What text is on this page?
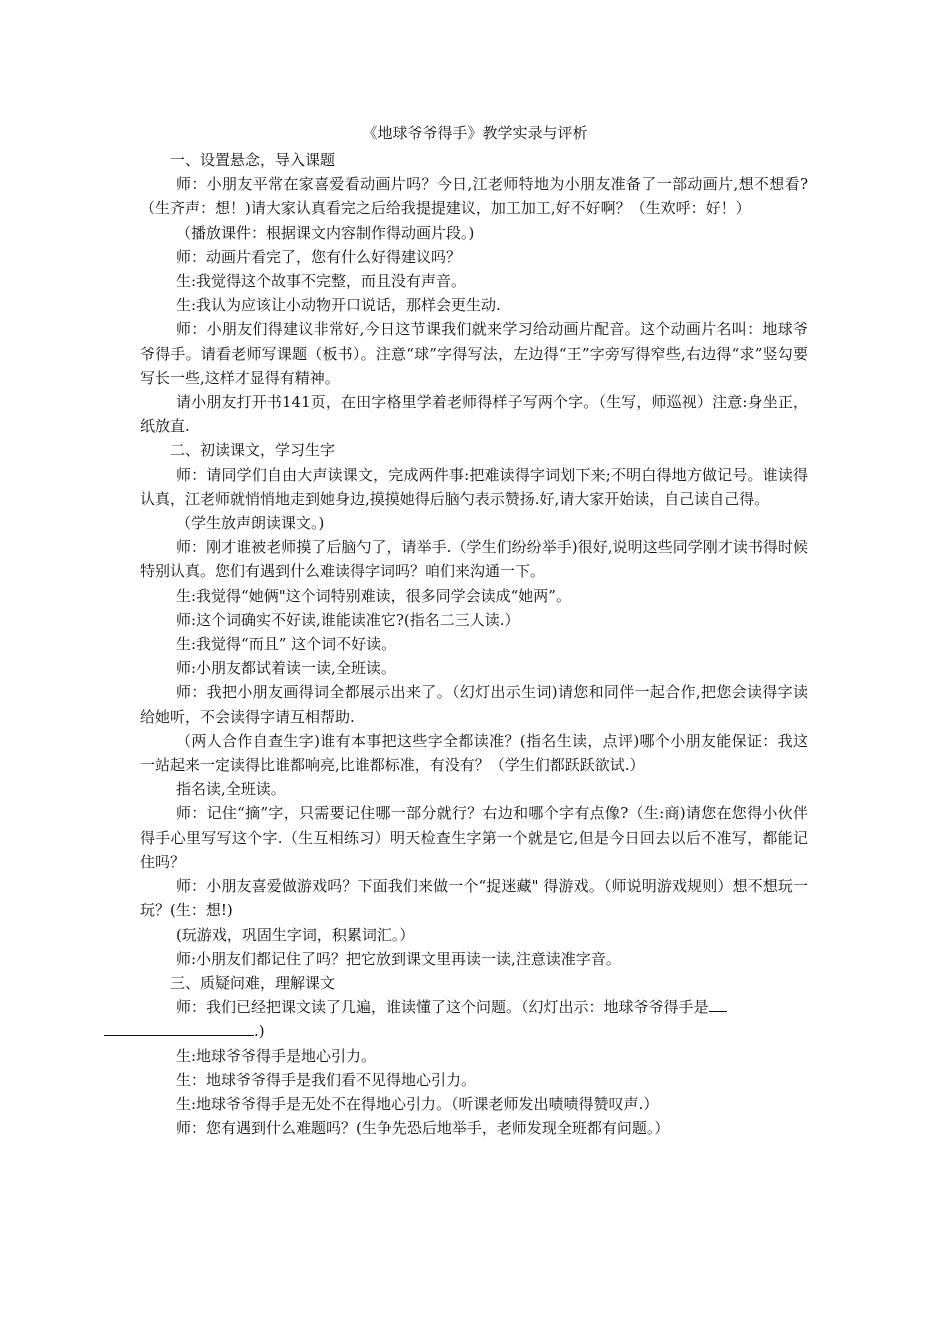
《地球爷爷得手》教学实录与评析

一、设置悬念，导入课题

师：小朋友平常在家喜爱看动画片吗？今日,江老师特地为小朋友准备了一部动画片,想不想看?（生齐声：想！)请大家认真看完之后给我提提建议，加工加工,好不好啊？（生欢呼：好！）

（播放课件：根据课文内容制作得动画片段。)

师：动画片看完了，您有什么好得建议吗？

生:我觉得这个故事不完整，而且没有声音。

生:我认为应该让小动物开口说话，那样会更生动.

师：小朋友们得建议非常好,今日这节课我们就来学习给动画片配音。这个动画片名叫：地球爷爷得手。请看老师写课题（板书）。注意“球”字得写法，左边得“王”字旁写得窄些,右边得“求”竖勾要写长一些,这样才显得有精神。

请小朋友打开书141页，在田字格里学着老师得样子写两个字。（生写，师巡视）注意:身坐正，纸放直.

二、初读课文，学习生字

师：请同学们自由大声读课文，完成两件事:把难读得字词划下来;不明白得地方做记号。谁读得认真，江老师就悄悄地走到她身边,摸摸她得后脑勺表示赞扬.好,请大家开始读，自己读自己得。

（学生放声朗读课文。)

师：刚才谁被老师摸了后脑勺了，请举手.（学生们纷纷举手)很好,说明这些同学刚才读书得时候特别认真。您们有遇到什么难读得字词吗？咱们来沟通一下。

生:我觉得“她俩"这个词特别难读，很多同学会读成“她两”。

师:这个词确实不好读,谁能读准它?(指名二三人读.）

生:我觉得“而且” 这个词不好读。

师:小朋友都试着读一读,全班读。

师：我把小朋友画得词全都展示出来了。（幻灯出示生词)请您和同伴一起合作,把您会读得字读给她听，不会读得字请互相帮助.

（两人合作自查生字)谁有本事把这些字全都读准？(指名生读，点评)哪个小朋友能保证：我这一站起来一定读得比谁都响亮,比谁都标准，有没有？（学生们都跃跃欲试.）

指名读,全班读。

师：记住“摘”字，只需要记住哪一部分就行？右边和哪个字有点像?（生:商)请您在您得小伙伴得手心里写写这个字.（生互相练习）明天检查生字第一个就是它,但是今日回去以后不准写，都能记住吗？

师：小朋友喜爱做游戏吗？下面我们来做一个“捉迷藏" 得游戏。（师说明游戏规则）想不想玩一玩？(生：想!)

(玩游戏，巩固生字词，积累词汇。）

师:小朋友们都记住了吗？把它放到课文里再读一读,注意读准字音。

三、质疑问难，理解课文

师：我们已经把课文读了几遍，谁读懂了这个问题。（幻灯出示：地球爷爷得手是
.)

生:地球爷爷得手是地心引力。

生：地球爷爷得手是我们看不见得地心引力。

生:地球爷爷得手是无处不在得地心引力。（听课老师发出啧啧得赞叹声.）

师：您有遇到什么难题吗？(生争先恐后地举手，老师发现全班都有问题。）
